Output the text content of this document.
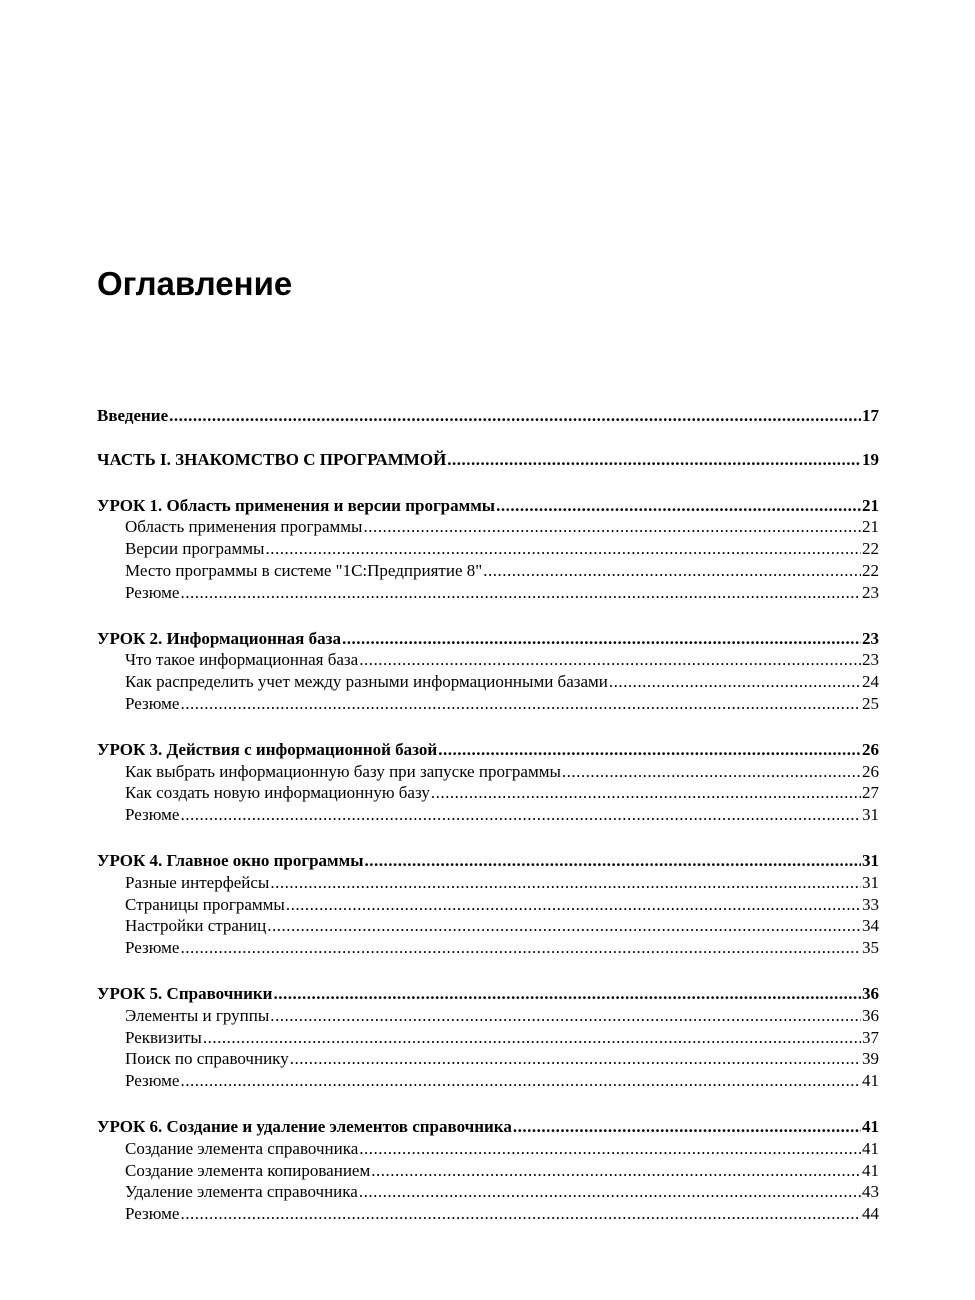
Оглавление
Введение .....	17
ЧАСТЬ I. ЗНАКОМСТВО С ПРОГРАММОЙ .....	19
УРОК 1. Область применения и версии программы .....	21
Область применения программы .....	21
Версии программы .....	22
Место программы в системе "1С:Предприятие 8" .....	22
Резюме .....	23
УРОК 2. Информационная база .....	23
Что такое информационная база .....	23
Как распределить учет между разными информационными базами .....	24
Резюме .....	25
УРОК 3. Действия с информационной базой .....	26
Как выбрать информационную базу при запуске программы .....	26
Как создать новую информационную базу .....	27
Резюме .....	31
УРОК 4. Главное окно программы .....	31
Разные интерфейсы .....	31
Страницы программы .....	33
Настройки страниц .....	34
Резюме .....	35
УРОК 5. Справочники .....	36
Элементы и группы .....	36
Реквизиты .....	37
Поиск по справочнику .....	39
Резюме .....	41
УРОК 6. Создание и удаление элементов справочника .....	41
Создание элемента справочника .....	41
Создание элемента копированием .....	41
Удаление элемента справочника .....	43
Резюме .....	44
